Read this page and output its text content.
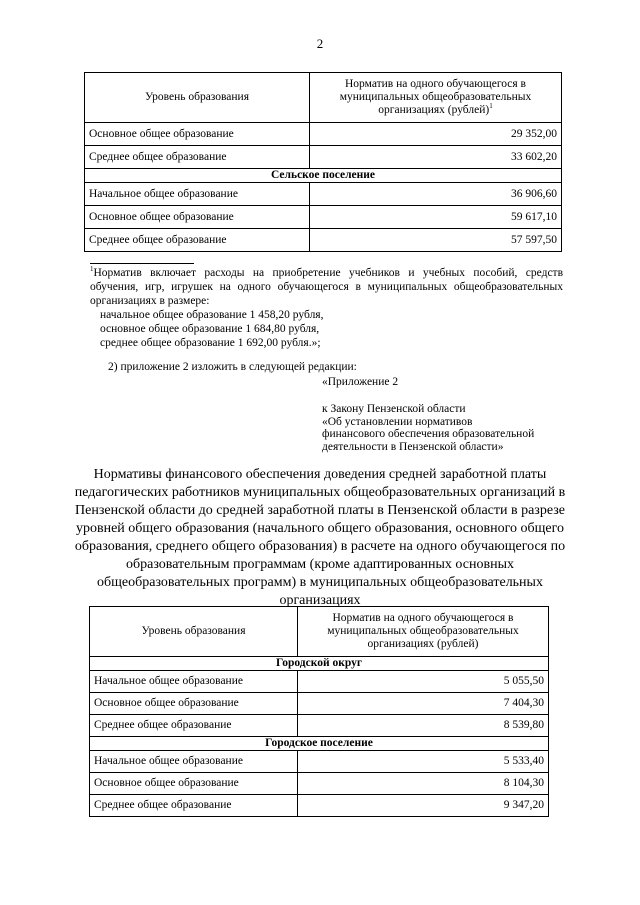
2
Уровень образования	Норматив на одного обучающегося в муниципальных общеобразовательных организациях (рублей)$^1$
Основное общее образование	29 352,00
Среднее общее образование	33 602,20
Сельское поселение	
Начальное общее образование	36 906,60
Основное общее образование	59 617,10
Среднее общее образование	57 597,50
$^1$Норматив включает расходы на приобретение учебников и учебных пособий, средств обучения, игр, игрушек на одного обучающегося в муниципальных общеобразовательных организациях в размере:
начальное общее образование 1 458,20 рубля,
основное общее образование 1 684,80 рубля,
среднее общее образование 1 692,00 рубля.»;
2) приложение 2 изложить в следующей редакции:
«Приложение 2
к Закону Пензенской области
«Об установлении нормативов
финансового обеспечения образовательной
деятельности в Пензенской области»
Нормативы финансового обеспечения доведения средней заработной платы педагогических работников муниципальных общеобразовательных организаций в Пензенской области до средней заработной платы в Пензенской области в разрезе уровней общего образования (начального общего образования, основного общего образования, среднего общего образования) в расчете на одного обучающегося по образовательным программам (кроме адаптированных основных общеобразовательных программ) в муниципальных общеобразовательных организациях
Уровень образования	Норматив на одного обучающегося в муниципальных общеобразовательных организациях (рублей)
Городской округ	
Начальное общее образование	5 055,50
Основное общее образование	7 404,30
Среднее общее образование	8 539,80
Городское поселение	
Начальное общее образование	5 533,40
Основное общее образование	8 104,30
Среднее общее образование	9 347,20
